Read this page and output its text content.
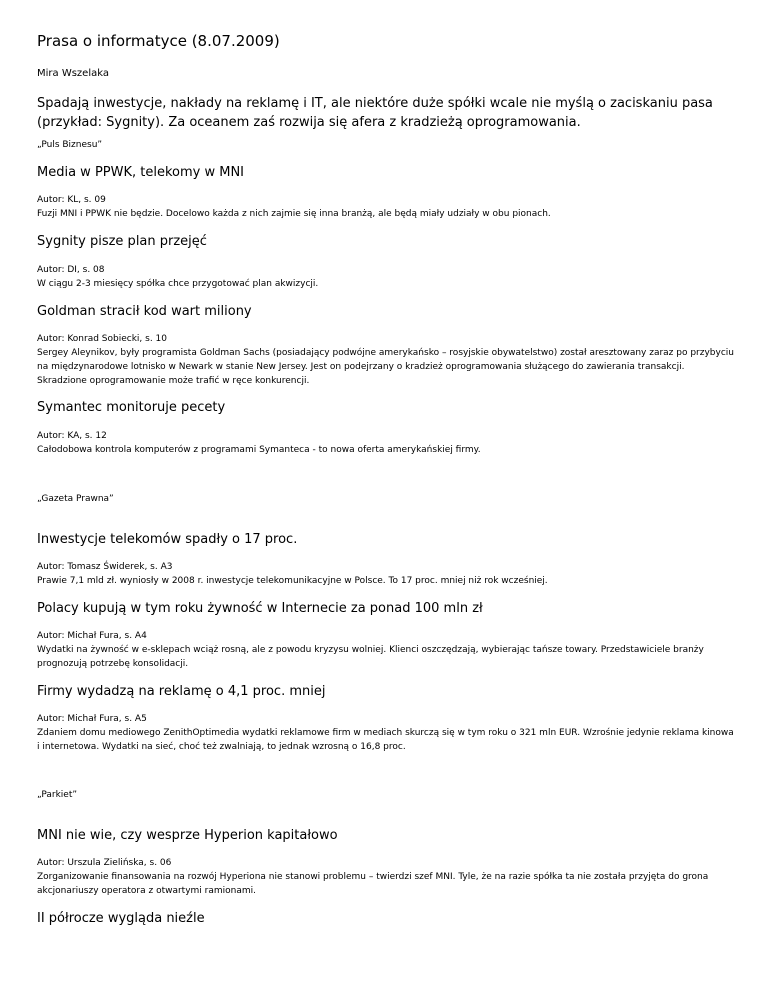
Prasa o informatyce (8.07.2009)
Mira Wszelaka
Spadają inwestycje, nakłady na reklamę i IT, ale niektóre duże spółki wcale nie myślą o zaciskaniu pasa (przykład: Sygnity). Za oceanem zaś rozwija się afera z kradzieżą oprogramowania.
„Puls Biznesu”
Media w PPWK, telekomy w MNI
Autor: KL, s. 09
Fuzji MNI i PPWK nie będzie. Docelowo każda z nich zajmie się inna branżą, ale będą miały udziały w obu pionach.
Sygnity pisze plan przejęć
Autor: DI, s. 08
W ciągu 2-3 miesięcy spółka chce przygotować plan akwizycji.
Goldman stracił kod wart miliony
Autor: Konrad Sobiecki, s. 10
Sergey Aleynikov, były programista Goldman Sachs (posiadający podwójne amerykańsko – rosyjskie obywatelstwo) został aresztowany zaraz po przybyciu na międzynarodowe lotnisko w Newark w stanie New Jersey. Jest on podejrzany o kradzież oprogramowania służącego do zawierania transakcji. Skradzione oprogramowanie może trafić w ręce konkurencji.
Symantec monitoruje pecety
Autor: KA, s. 12
Całodobowa kontrola komputerów z programami Symanteca - to nowa oferta amerykańskiej firmy.
„Gazeta Prawna”
Inwestycje telekomów spadły o 17 proc.
Autor: Tomasz Świderek, s. A3
Prawie 7,1 mld zł. wyniosły w 2008 r. inwestycje telekomunikacyjne w Polsce. To 17 proc. mniej niż rok wcześniej.
Polacy kupują w tym roku żywność w Internecie za ponad 100 mln zł
Autor: Michał Fura, s. A4
Wydatki na żywność w e-sklepach wciąż rosną, ale z powodu kryzysu wolniej. Klienci oszczędzają, wybierając tańsze towary. Przedstawiciele branży prognozują potrzebę konsolidacji.
Firmy wydadzą na reklamę o 4,1 proc. mniej
Autor: Michał Fura, s. A5
Zdaniem domu mediowego ZenithOptimedia wydatki reklamowe firm w mediach skurczą się w tym roku o 321 mln EUR. Wzrośnie jedynie reklama kinowa i internetowa. Wydatki na sieć, choć też zwalniają, to jednak wzrosną o 16,8 proc.
„Parkiet”
MNI nie wie, czy wesprze Hyperion kapitałowo
Autor: Urszula Zielińska, s. 06
Zorganizowanie finansowania na rozwój Hyperiona nie stanowi problemu – twierdzi szef MNI. Tyle, że na razie spółka ta nie została przyjęta do grona akcjonariuszy operatora z otwartymi ramionami.
II półrocze wygląda nieźle
